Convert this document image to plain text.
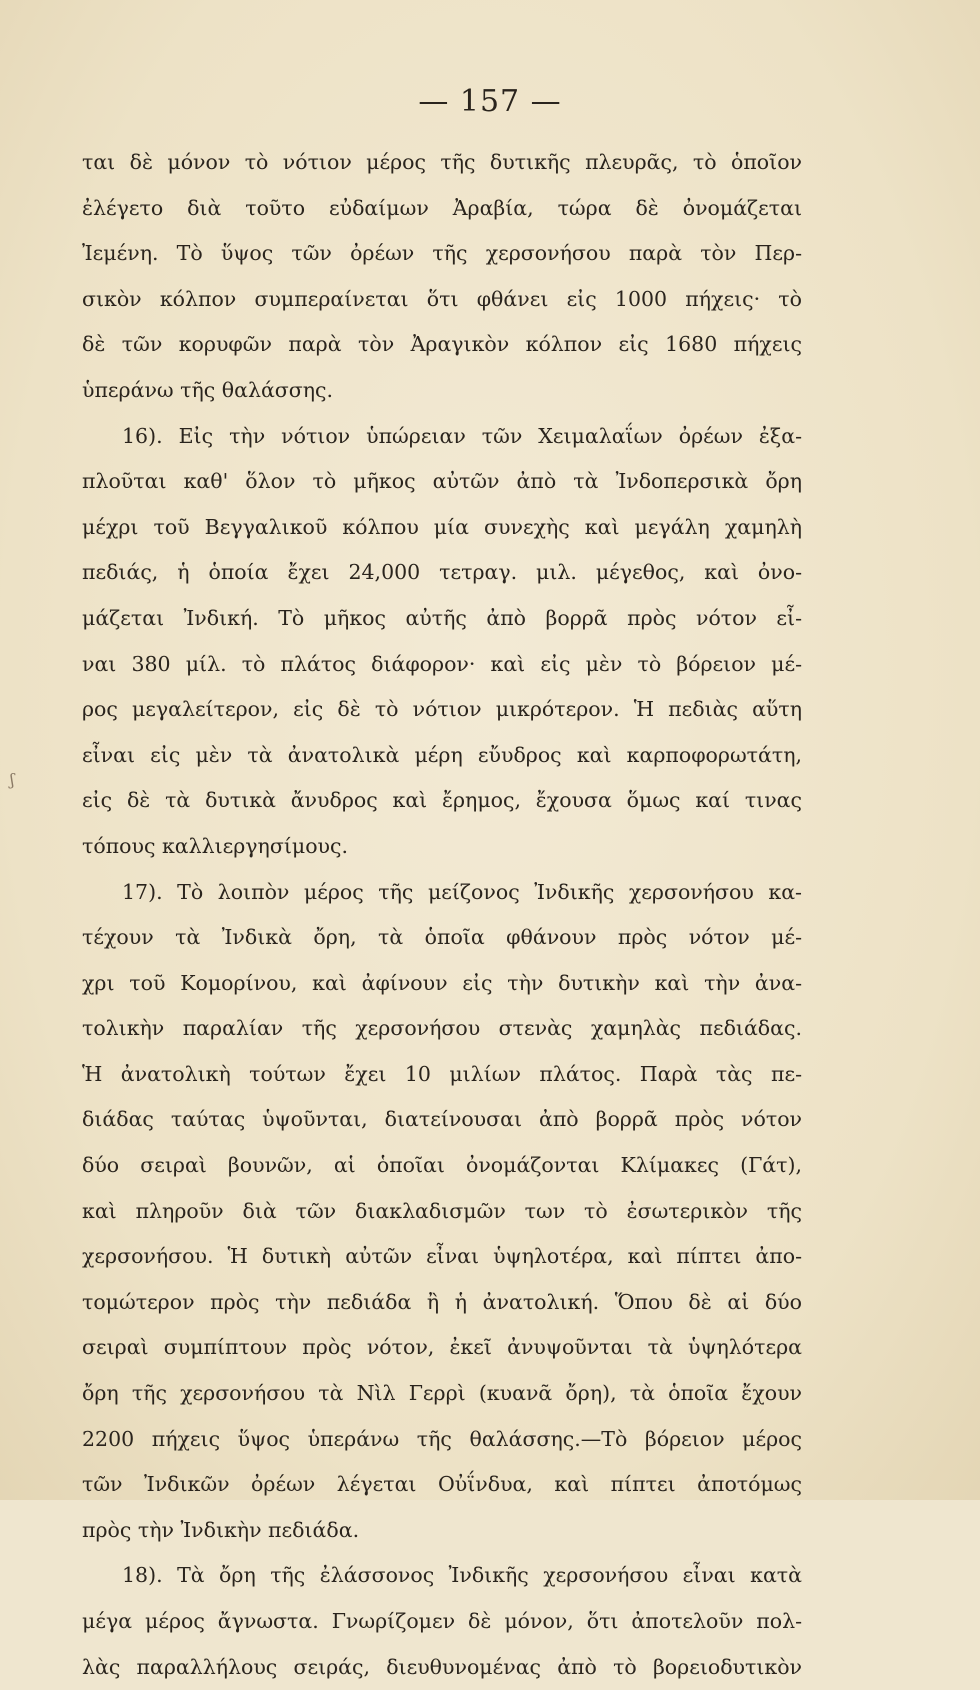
— 157 —
ʃ
ται δὲ μόνον τὸ νότιον μέρος τῆς δυτικῆς πλευρᾶς, τὸ ὁποῖον
ἐλέγετο διὰ τοῦτο εὐδαίμων Ἀραβία, τώρα δὲ ὀνομάζεται
Ἰεμένη. Τὸ ὕψος τῶν ὀρέων τῆς χερσονήσου παρὰ τὸν Περ-
σικὸν κόλπον συμπεραίνεται ὅτι φθάνει εἰς 1000 πήχεις· τὸ
δὲ τῶν κορυφῶν παρὰ τὸν Ἀραγικὸν κόλπον εἰς 1680 πήχεις
ὑπεράνω τῆς θαλάσσης.
16). Εἰς τὴν νότιον ὑπώρειαν τῶν Χειμαλαΐων ὀρέων ἐξα-
πλοῦται καθ' ὅλον τὸ μῆκος αὐτῶν ἀπὸ τὰ Ἰνδοπερσικὰ ὄρη
μέχρι τοῦ Βεγγαλικοῦ κόλπου μία συνεχὴς καὶ μεγάλη χαμηλὴ
πεδιάς, ἡ ὁποία ἔχει 24,000 τετραγ. μιλ. μέγεθος, καὶ ὀνο-
μάζεται Ἰνδική. Τὸ μῆκος αὐτῆς ἀπὸ βορρᾶ πρὸς νότον εἶ-
ναι 380 μίλ. τὸ πλάτος διάφορον· καὶ εἰς μὲν τὸ βόρειον μέ-
ρος μεγαλείτερον, εἰς δὲ τὸ νότιον μικρότερον. Ἡ πεδιὰς αὕτη
εἶναι εἰς μὲν τὰ ἀνατολικὰ μέρη εὔυδρος καὶ καρποφορωτάτη,
εἰς δὲ τὰ δυτικὰ ἄνυδρος καὶ ἔρημος, ἔχουσα ὅμως καί τινας
τόπους καλλιεργησίμους.
17). Τὸ λοιπὸν μέρος τῆς μείζονος Ἰνδικῆς χερσονήσου κα-
τέχουν τὰ Ἰνδικὰ ὄρη, τὰ ὁποῖα φθάνουν πρὸς νότον μέ-
χρι τοῦ Κομορίνου, καὶ ἀφίνουν εἰς τὴν δυτικὴν καὶ τὴν ἀνα-
τολικὴν παραλίαν τῆς χερσονήσου στενὰς χαμηλὰς πεδιάδας.
Ἡ ἀνατολικὴ τούτων ἔχει 10 μιλίων πλάτος. Παρὰ τὰς πε-
διάδας ταύτας ὑψοῦνται, διατείνουσαι ἀπὸ βορρᾶ πρὸς νότον
δύο σειραὶ βουνῶν, αἱ ὁποῖαι ὀνομάζονται Κλίμακες (Γάτ),
καὶ πληροῦν διὰ τῶν διακλαδισμῶν των τὸ ἐσωτερικὸν τῆς
χερσονήσου. Ἡ δυτικὴ αὐτῶν εἶναι ὑψηλοτέρα, καὶ πίπτει ἀπο-
τομώτερον πρὸς τὴν πεδιάδα ἢ ἡ ἀνατολική. Ὅπου δὲ αἱ δύο
σειραὶ συμπίπτουν πρὸς νότον, ἐκεῖ ἀνυψοῦνται τὰ ὑψηλότερα
ὄρη τῆς χερσονήσου τὰ Νὶλ Γερρὶ (κυανᾶ ὄρη), τὰ ὁποῖα ἔχουν
2200 πήχεις ὕψος ὑπεράνω τῆς θαλάσσης.—Τὸ βόρειον μέρος
τῶν Ἰνδικῶν ὀρέων λέγεται Οὐΐνδυα, καὶ πίπτει ἀποτόμως
πρὸς τὴν Ἰνδικὴν πεδιάδα.
18). Τὰ ὄρη τῆς ἐλάσσονος Ἰνδικῆς χερσονήσου εἶναι κατὰ
μέγα μέρος ἄγνωστα. Γνωρίζομεν δὲ μόνον, ὅτι ἀποτελοῦν πολ-
λὰς παραλλήλους σειράς, διευθυνομένας ἀπὸ τὸ βορειοδυτικὸν
